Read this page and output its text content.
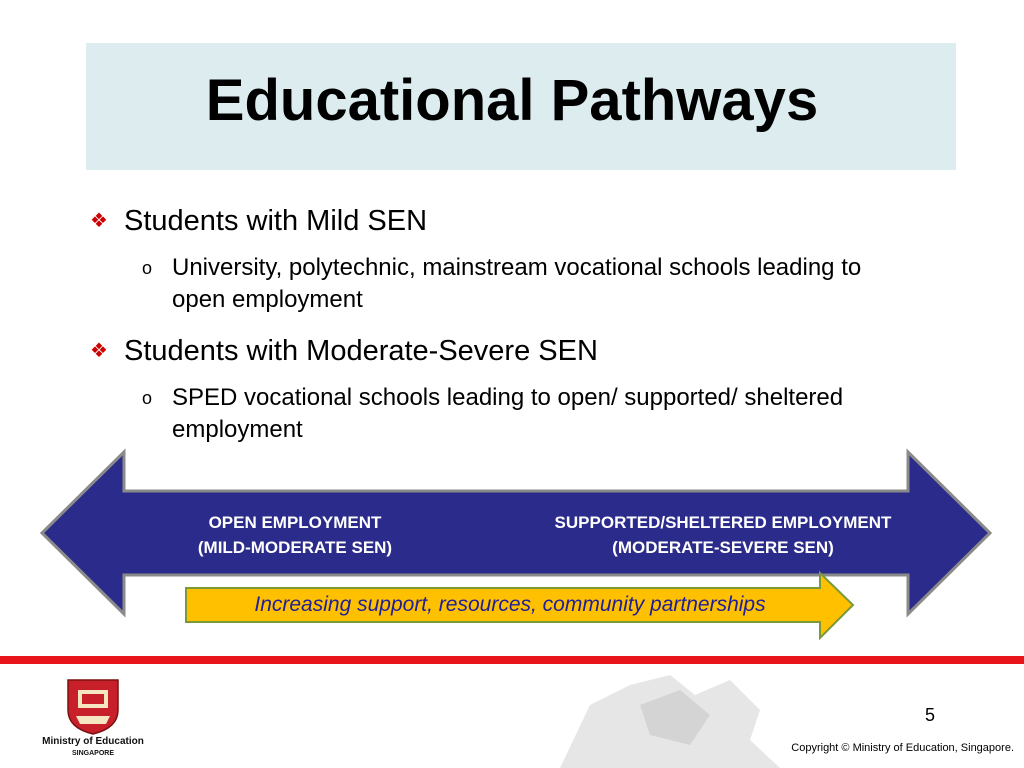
Educational Pathways
❖ Students with Mild SEN
o University, polytechnic, mainstream vocational schools leading to open employment
❖ Students with Moderate-Severe SEN
o SPED vocational schools leading to open/ supported/ sheltered employment
OPEN EMPLOYMENT
(MILD-MODERATE SEN)
SUPPORTED/SHELTERED EMPLOYMENT
(MODERATE-SEVERE SEN)
Increasing support, resources, community partnerships
Ministry of Education
SINGAPORE
5
Copyright © Ministry of Education, Singapore.
